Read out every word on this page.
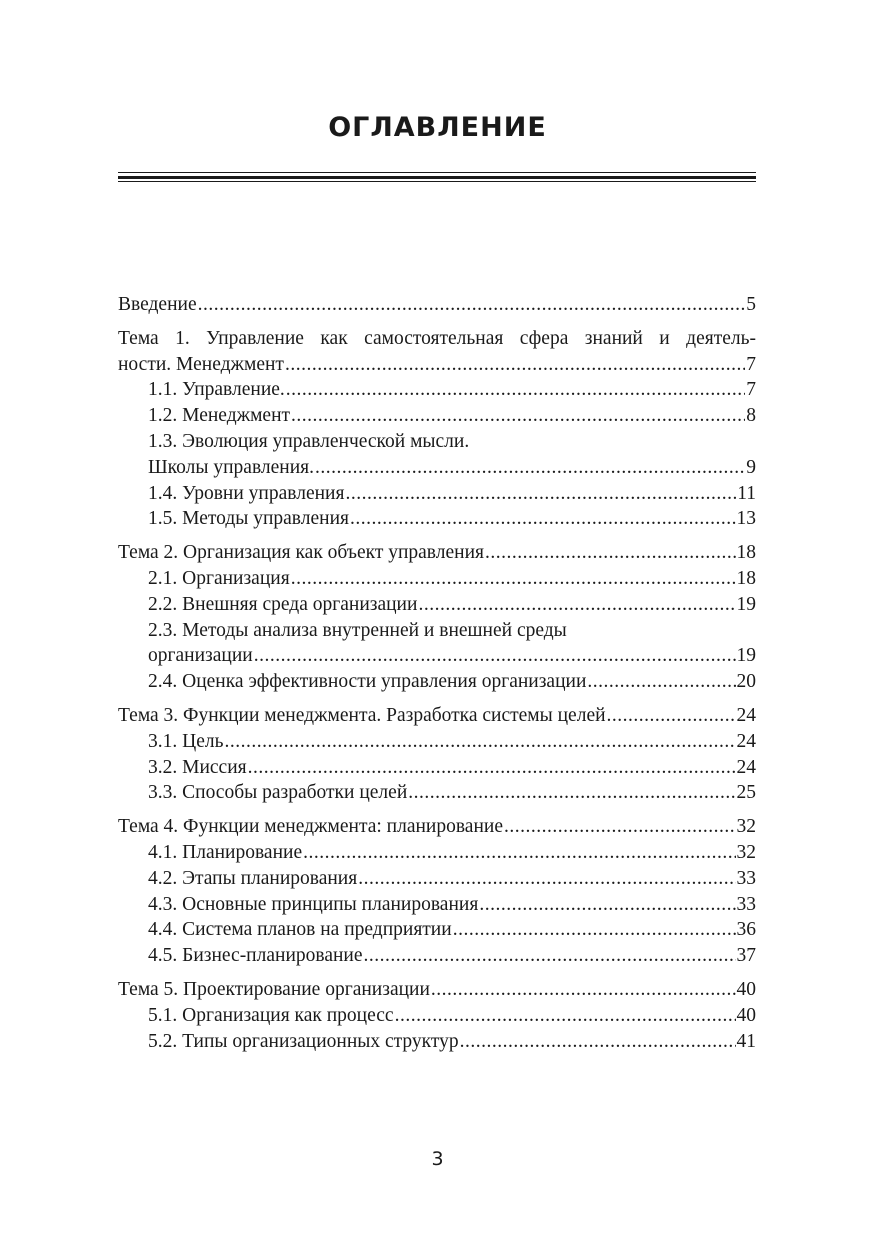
ОГЛАВЛЕНИЕ
Введение .....	5
Тема 1. Управление как самостоятельная сфера знаний и деятель-
ности. Менеджмент .....	7
1.1. Управление. .....	7
1.2. Менеджмент .....	8
1.3. Эволюция управленческой мысли.
Школы управления. .....	9
1.4. Уровни управления .....	11
1.5. Методы управления .....	13
Тема 2. Организация как объект управления .....	18
2.1. Организация .....	18
2.2. Внешняя среда организации .....	19
2.3. Методы анализа внутренней и внешней среды
организации .....	19
2.4. Оценка эффективности управления организации .....	20
Тема 3. Функции менеджмента. Разработка системы целей .....	24
3.1. Цель .....	24
3.2. Миссия .....	24
3.3. Способы разработки целей .....	25
Тема 4. Функции менеджмента: планирование .....	32
4.1. Планирование .....	32
4.2. Этапы планирования .....	33
4.3. Основные принципы планирования .....	33
4.4. Система планов на предприятии .....	36
4.5. Бизнес-планирование .....	37
Тема 5. Проектирование организации .....	40
5.1. Организация как процесс .....	40
5.2. Типы организационных структур .....	41
3
